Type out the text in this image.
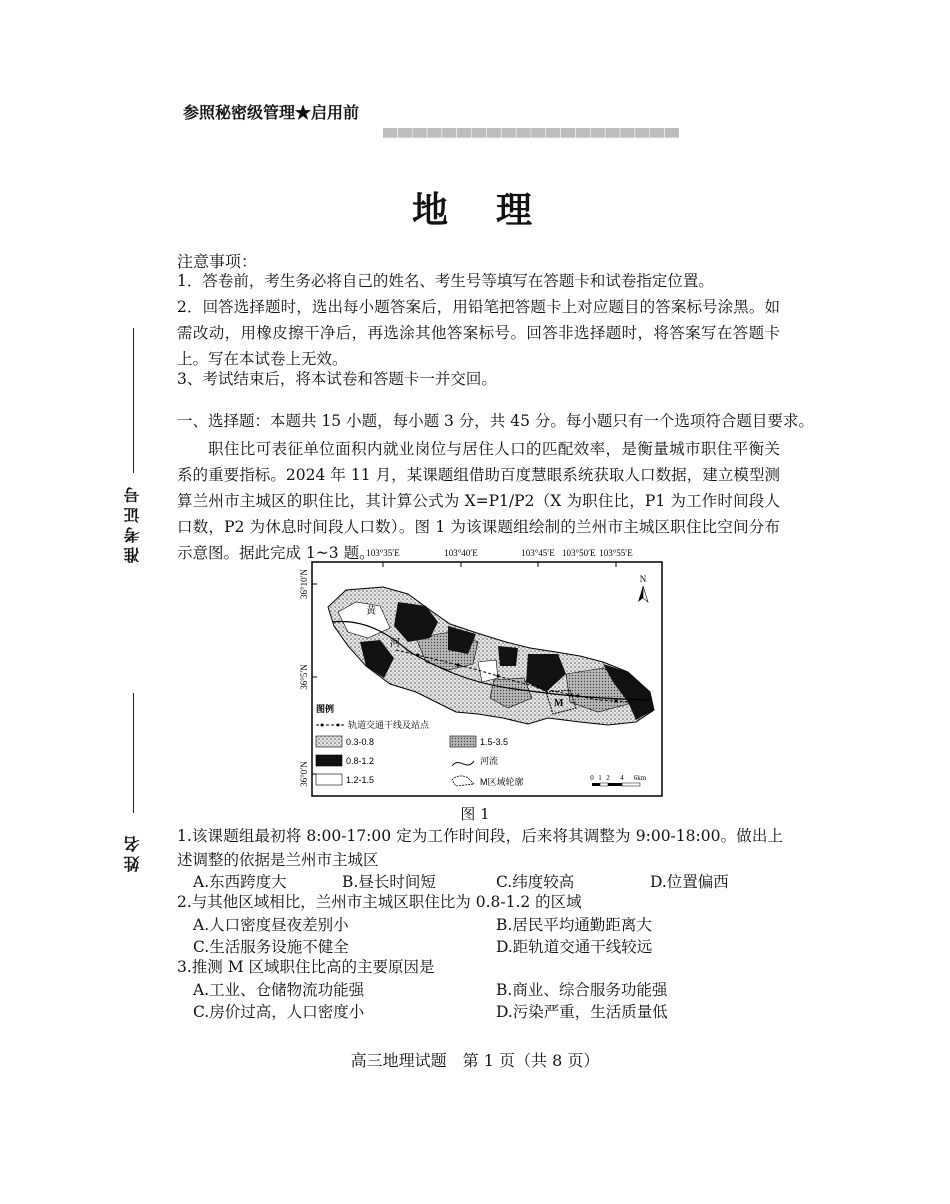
参照秘密级管理★启用前
▀▀▀▀▀▀▀▀▀▀▀▀▀▀▀▀▀▀▀▀
地　理
注意事项：
1．答卷前，考生务必将自己的姓名、考生号等填写在答题卡和试卷指定位置。
2．回答选择题时，选出每小题答案后，用铅笔把答题卡上对应题目的答案标号涂黑。如需改动，用橡皮擦干净后，再选涂其他答案标号。回答非选择题时，将答案写在答题卡上。写在本试卷上无效。
3、考试结束后，将本试卷和答题卡一并交回。
准考证号
姓名
一、选择题：本题共 15 小题，每小题 3 分，共 45 分。每小题只有一个选项符合题目要求。
职住比可表征单位面积内就业岗位与居住人口的匹配效率，是衡量城市职住平衡关系的重要指标。2024 年 11 月，某课题组借助百度慧眼系统获取人口数据，建立模型测算兰州市主城区的职住比，其计算公式为 X=P1/P2（X 为职住比，P1 为工作时间段人口数，P2 为休息时间段人口数）。图 1 为该课题组绘制的兰州市主城区职住比空间分布示意图。据此完成 1~3 题。
103°35′E	103°40′E	103°45′E 103°50′E 103°55′E
36°10′N
36°5′N
36°0′N
黄
河
M
N
图例
轨道交通干线及站点
0.3-0.8
0.8-1.2
1.2-1.5
1.5-3.5
河流
M区域轮廓	0 1 2 4 6km
图 1
1.该课题组最初将 8:00-17:00 定为工作时间段，后来将其调整为 9:00-18:00。做出上述调整的依据是兰州市主城区
A.东西跨度大	B.昼长时间短	C.纬度较高	D.位置偏西
2.与其他区域相比，兰州市主城区职住比为 0.8-1.2 的区域
A.人口密度昼夜差别小	B.居民平均通勤距离大
C.生活服务设施不健全	D.距轨道交通干线较远
3.推测 M 区域职住比高的主要原因是
A.工业、仓储物流功能强	B.商业、综合服务功能强
C.房价过高，人口密度小	D.污染严重，生活质量低
高三地理试题　第 1 页（共 8 页）
